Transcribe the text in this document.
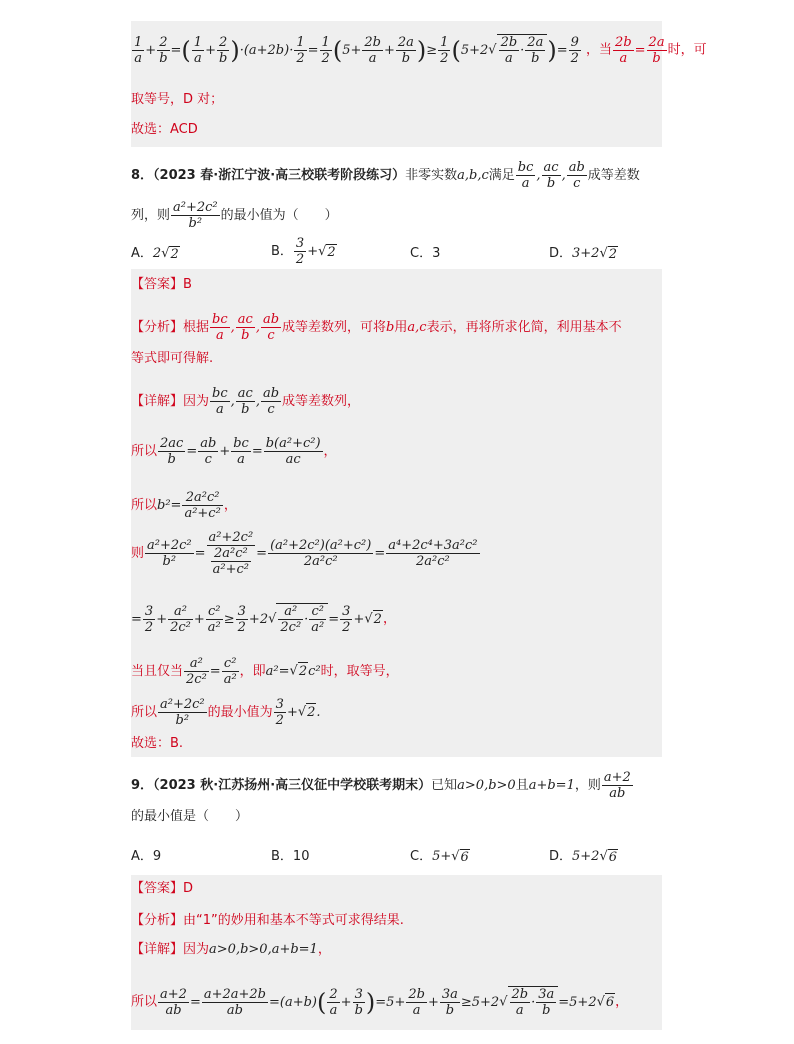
$\frac{1}{a} + \frac{2}{b}$ =( $\frac{1}{a} + \frac{2}{b} )\cdot(a+2b)\cdot \frac{1}{2} = \frac{1}{2} (5+ \frac{2b}{a} + \frac{2a}{b}$ )≥ $\frac{1}{2} (5+2√ \frac{2b}{a} \cdot \frac{2a}{b}$ )= $\frac{9}{2}$ ，当 $\frac{2b}{a} = \frac{2a}{b}$ 时，可
取等号，D 对；
故选：ACD
8．（2023 春·浙江宁波·高三校联考阶段练习）非零实数a,b,c满足 $\frac{bc}{a}$ , $\frac{ac}{b}$ , $\frac{ab}{c}$ 成等差数
列，则 $\frac{\text{a²+2c²}}{\text{b²}}$ 的最小值为（　　）
A．2√2	B． $\frac{3}{2} +√2$	C．3	D．3+2√2
【答案】B
【分析】根据 $\frac{bc}{a}$ , $\frac{ac}{b}$ , $\frac{ab}{c}$ 成等差数列，可将b用a,c表示，再将所求化简，利用基本不
等式即可得解.
【详解】因为 $\frac{bc}{a}$ , $\frac{ac}{b}$ , $\frac{ab}{c}$ 成等差数列，
所以 $\frac{2ac}{b} = \frac{ab}{c} + \frac{bc}{a} = \frac{\text{b(a²+c²)}}{ac}$ ，
所以$b^2= \frac{\text{2a²c²}}{\text{a²+c²}}$ ，
则 $\frac{\text{a²+2c²}}{\text{b²}} = \frac{\text{a²+2c²}}{\frac{\text{2a²c²}}{\text{a²+c²}}} = \frac{\text{(a²+2c²)(a²+c²)}}{\text{2a²c²}} = \frac{\text{a⁴+2c⁴+3a²c²}}{\text{2a²c²}}$
= $\frac{3}{2} + \frac{\text{a²}}{\text{2c²}} + \frac{\text{c²}}{\text{a²}} \ge \frac{3}{2} +2√ \frac{\text{a²}}{\text{2c²}} \cdot \frac{\text{c²}}{\text{a²}} = \frac{3}{2} +√2$，
当且仅当 $\frac{\text{a²}}{\text{2c²}} = \frac{\text{c²}}{\text{a²}}$ ，即a²=√2c²时，取等号，
所以 $\frac{\text{a²+2c²}}{\text{b²}}$ 的最小值为 $\frac{3}{2} +√2$.
故选：B.
9．（2023 秋·江苏扬州·高三仪征中学校联考期末）已知a>0,b>0且a+b=1，则 $\frac{a+2}{ab}$
的最小值是（　　）
A．9	B．10	C．5+√6	D．5+2√6
【答案】D
【分析】由“1”的妙用和基本不等式可求得结果.
【详解】因为a>0,b>0,a+b=1，
所以 $\frac{a+2}{ab} = \frac{a+2a+2b}{ab} =(a+b)( \frac{2}{a} + \frac{3}{b} )=5+ \frac{2b}{a} + \frac{3a}{b} \ge 5+2√ \frac{2b}{a} \cdot \frac{3a}{b} =5+2√6$，
